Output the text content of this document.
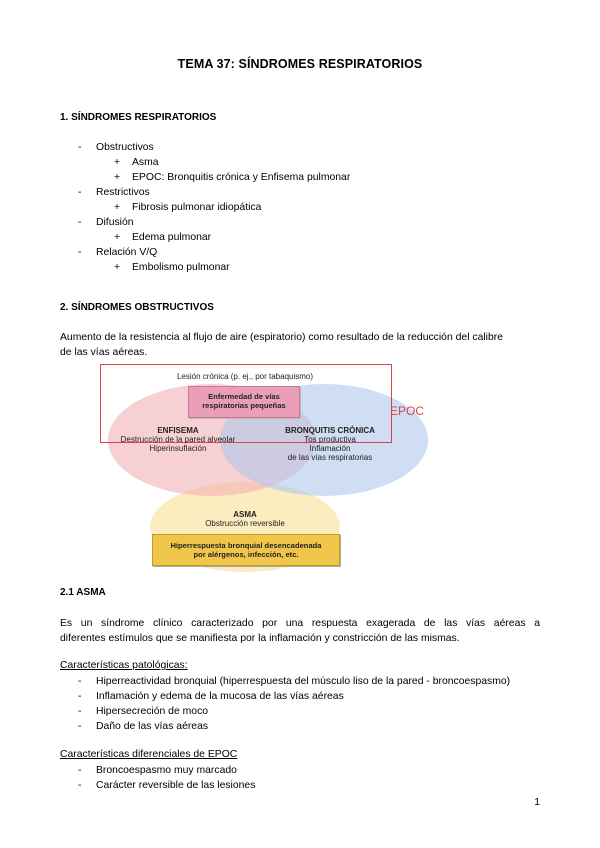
TEMA 37: SÍNDROMES RESPIRATORIOS
1. SÍNDROMES RESPIRATORIOS
- Obstructivos
+ Asma
+ EPOC: Bronquitis crónica y Enfisema pulmonar
- Restrictivos
+ Fibrosis pulmonar idiopática
- Difusión
+ Edema pulmonar
- Relación V/Q
+ Embolismo pulmonar
2. SÍNDROMES OBSTRUCTIVOS
Aumento de la resistencia al flujo de aire (espiratorio) como resultado de la reducción del calibre
de las vías aéreas.
EPOC
Lesión crónica (p. ej., por tabaquismo)
Enfermedad de vías
respiratorias pequeñas
ENFISEMA
Destrucción de la pared alveolar
Hiperinsuflación
BRONQUITIS CRÓNICA
Tos productiva
Inflamación
de las vías respiratorias
ASMA
Obstrucción reversible
Hiperrespuesta bronquial desencadenada
por alérgenos, infección, etc.
2.1 ASMA
Es un síndrome clínico caracterizado por una respuesta exagerada de las vías aéreas a
diferentes estímulos que se manifiesta por la inflamación y constricción de las mismas.
Características patológicas:
- Hiperreactividad bronquial (hiperrespuesta del músculo liso de la pared - broncoespasmo)
- Inflamación y edema de la mucosa de las vías aéreas
- Hipersecreción de moco
- Daño de las vías aéreas
Características diferenciales de EPOC
- Broncoespasmo muy marcado
- Carácter reversible de las lesiones
1
